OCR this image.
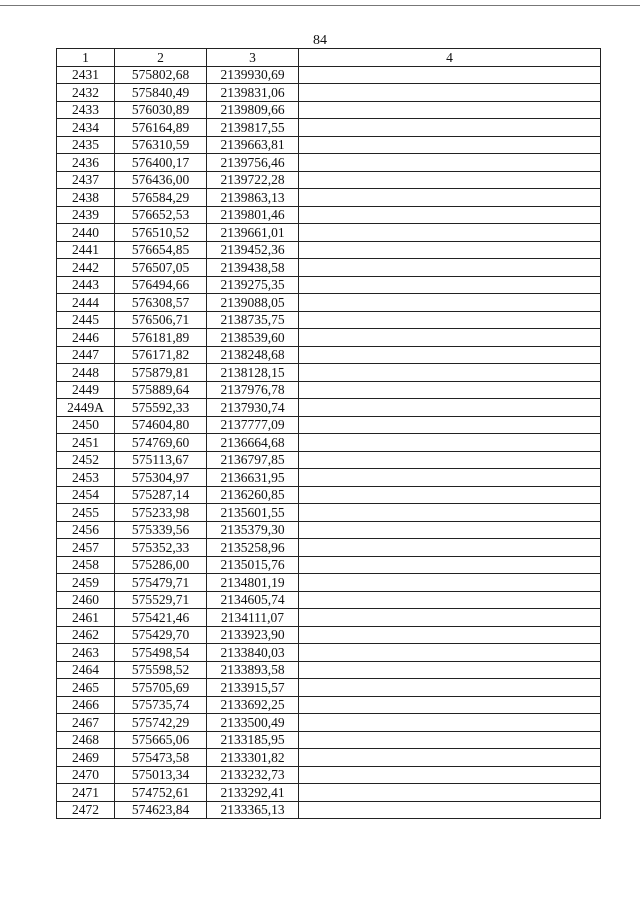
84
1	2	3	4
2431	575802,68	2139930,69	
2432	575840,49	2139831,06	
2433	576030,89	2139809,66	
2434	576164,89	2139817,55	
2435	576310,59	2139663,81	
2436	576400,17	2139756,46	
2437	576436,00	2139722,28	
2438	576584,29	2139863,13	
2439	576652,53	2139801,46	
2440	576510,52	2139661,01	
2441	576654,85	2139452,36	
2442	576507,05	2139438,58	
2443	576494,66	2139275,35	
2444	576308,57	2139088,05	
2445	576506,71	2138735,75	
2446	576181,89	2138539,60	
2447	576171,82	2138248,68	
2448	575879,81	2138128,15	
2449	575889,64	2137976,78	
2449A	575592,33	2137930,74	
2450	574604,80	2137777,09	
2451	574769,60	2136664,68	
2452	575113,67	2136797,85	
2453	575304,97	2136631,95	
2454	575287,14	2136260,85	
2455	575233,98	2135601,55	
2456	575339,56	2135379,30	
2457	575352,33	2135258,96	
2458	575286,00	2135015,76	
2459	575479,71	2134801,19	
2460	575529,71	2134605,74	
2461	575421,46	2134111,07	
2462	575429,70	2133923,90	
2463	575498,54	2133840,03	
2464	575598,52	2133893,58	
2465	575705,69	2133915,57	
2466	575735,74	2133692,25	
2467	575742,29	2133500,49	
2468	575665,06	2133185,95	
2469	575473,58	2133301,82	
2470	575013,34	2133232,73	
2471	574752,61	2133292,41	
2472	574623,84	2133365,13	
